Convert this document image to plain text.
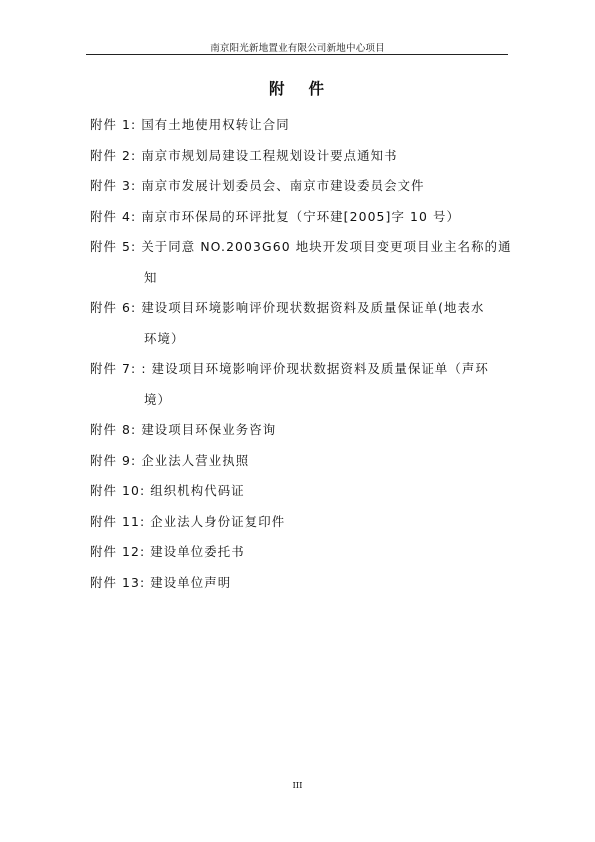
南京阳光新地置业有限公司新地中心项目
附 件
附件 1: 国有土地使用权转让合同
附件 2: 南京市规划局建设工程规划设计要点通知书
附件 3: 南京市发展计划委员会、南京市建设委员会文件
附件 4: 南京市环保局的环评批复（宁环建[2005]字 10 号）
附件 5: 关于同意 NO.2003G60 地块开发项目变更项目业主名称的通
知
附件 6: 建设项目环境影响评价现状数据资料及质量保证单(地表水
环境）
附件 7: : 建设项目环境影响评价现状数据资料及质量保证单（声环
境）
附件 8: 建设项目环保业务咨询
附件 9: 企业法人营业执照
附件 10: 组织机构代码证
附件 11: 企业法人身份证复印件
附件 12: 建设单位委托书
附件 13: 建设单位声明
III
